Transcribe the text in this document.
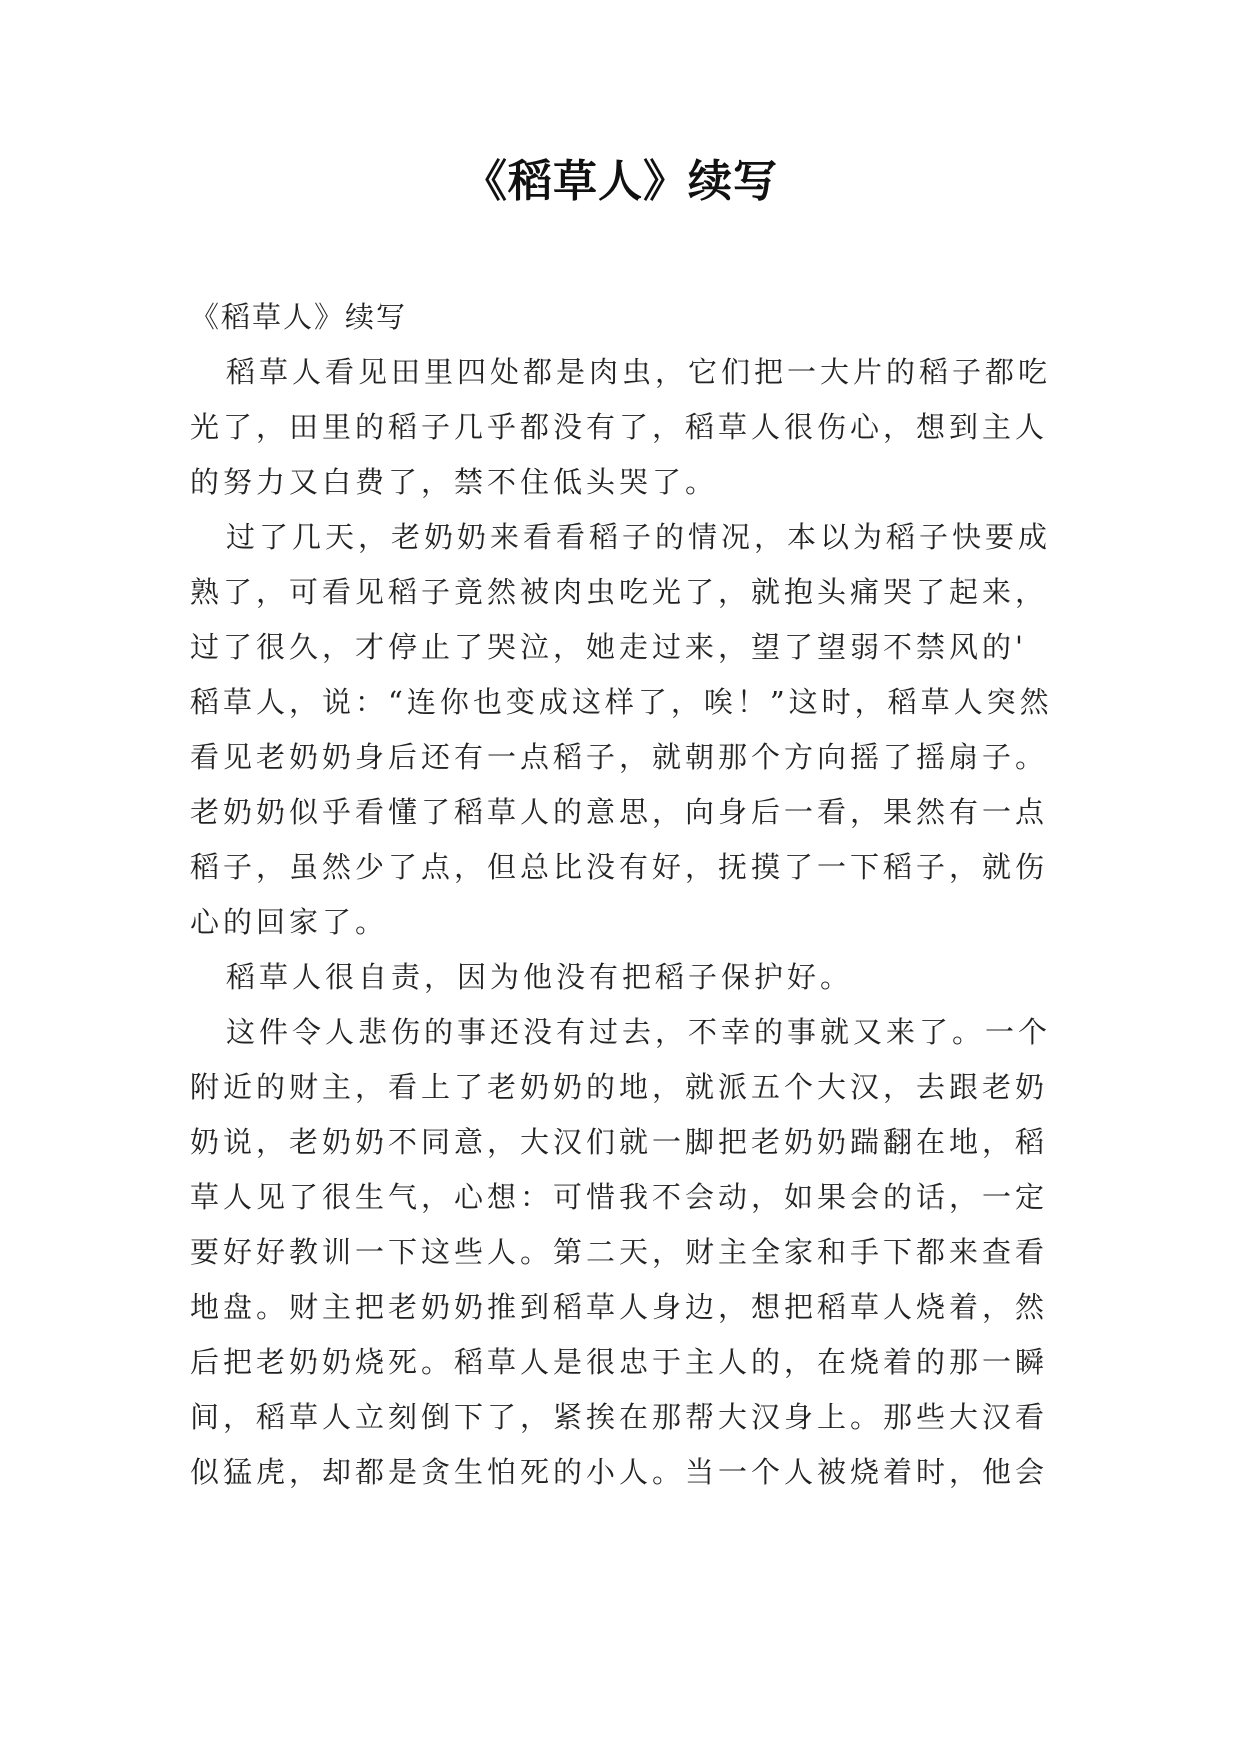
《稻草人》续写

《稻草人》续写

稻草人看见田里四处都是肉虫，它们把一大片的稻子都吃

光了，田里的稻子几乎都没有了，稻草人很伤心，想到主人

的努力又白费了，禁不住低头哭了。

过了几天，老奶奶来看看稻子的情况，本以为稻子快要成

熟了，可看见稻子竟然被肉虫吃光了，就抱头痛哭了起来，

过了很久，才停止了哭泣，她走过来，望了望弱不禁风的'

稻草人，说：“连你也变成这样了，唉！”这时，稻草人突然

看见老奶奶身后还有一点稻子，就朝那个方向摇了摇扇子。

老奶奶似乎看懂了稻草人的意思，向身后一看，果然有一点

稻子，虽然少了点，但总比没有好，抚摸了一下稻子，就伤

心的回家了。

稻草人很自责，因为他没有把稻子保护好。

这件令人悲伤的事还没有过去，不幸的事就又来了。一个

附近的财主，看上了老奶奶的地，就派五个大汉，去跟老奶

奶说，老奶奶不同意，大汉们就一脚把老奶奶踹翻在地，稻

草人见了很生气，心想：可惜我不会动，如果会的话，一定

要好好教训一下这些人。第二天，财主全家和手下都来查看

地盘。财主把老奶奶推到稻草人身边，想把稻草人烧着，然

后把老奶奶烧死。稻草人是很忠于主人的，在烧着的那一瞬

间，稻草人立刻倒下了，紧挨在那帮大汉身上。那些大汉看

似猛虎，却都是贪生怕死的小人。当一个人被烧着时，他会
